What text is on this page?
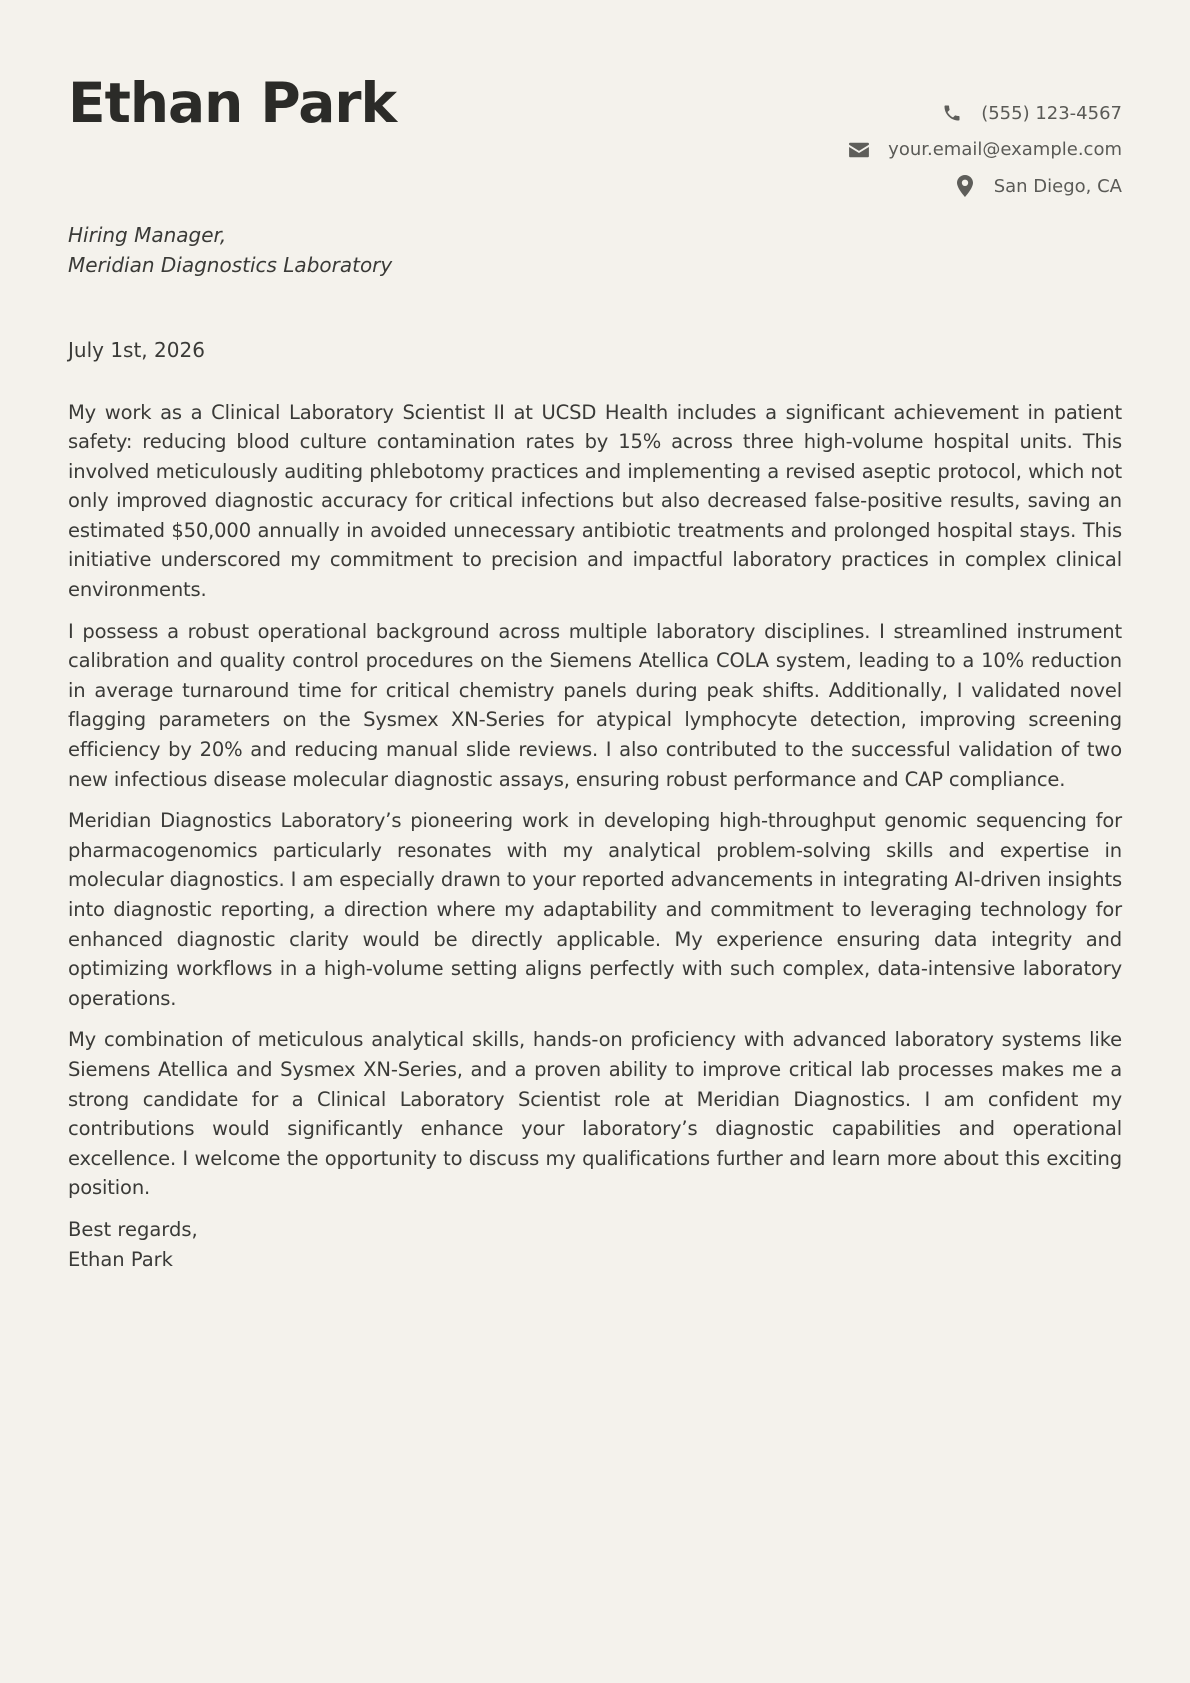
Ethan Park	(555) 123-4567
your.email@example.com
San Diego, CA
Hiring Manager,
Meridian Diagnostics Laboratory
July 1st, 2026

My work as a Clinical Laboratory Scientist II at UCSD Health includes a significant achievement in patient safety: reducing blood culture contamination rates by 15% across three high-volume hospital units. This involved meticulously auditing phlebotomy practices and implementing a revised aseptic protocol, which not only improved diagnostic accuracy for critical infections but also decreased false-positive results, saving an estimated $50,000 annually in avoided unnecessary antibiotic treatments and prolonged hospital stays. This initiative underscored my commitment to precision and impactful laboratory practices in complex clinical environments.

I possess a robust operational background across multiple laboratory disciplines. I streamlined instrument calibration and quality control procedures on the Siemens Atellica COLA system, leading to a 10% reduction in average turnaround time for critical chemistry panels during peak shifts. Additionally, I validated novel flagging parameters on the Sysmex XN-Series for atypical lymphocyte detection, improving screening efficiency by 20% and reducing manual slide reviews. I also contributed to the successful validation of two new infectious disease molecular diagnostic assays, ensuring robust performance and CAP compliance.

Meridian Diagnostics Laboratory’s pioneering work in developing high-throughput genomic sequencing for pharmacogenomics particularly resonates with my analytical problem-solving skills and expertise in molecular diagnostics. I am especially drawn to your reported advancements in integrating AI-driven insights into diagnostic reporting, a direction where my adaptability and commitment to leveraging technology for enhanced diagnostic clarity would be directly applicable. My experience ensuring data integrity and optimizing workflows in a high-volume setting aligns perfectly with such complex, data-intensive laboratory operations.

My combination of meticulous analytical skills, hands-on proficiency with advanced laboratory systems like Siemens Atellica and Sysmex XN-Series, and a proven ability to improve critical lab processes makes me a strong candidate for a Clinical Laboratory Scientist role at Meridian Diagnostics. I am confident my contributions would significantly enhance your laboratory’s diagnostic capabilities and operational excellence. I welcome the opportunity to discuss my qualifications further and learn more about this exciting position.

Best regards,
Ethan Park
